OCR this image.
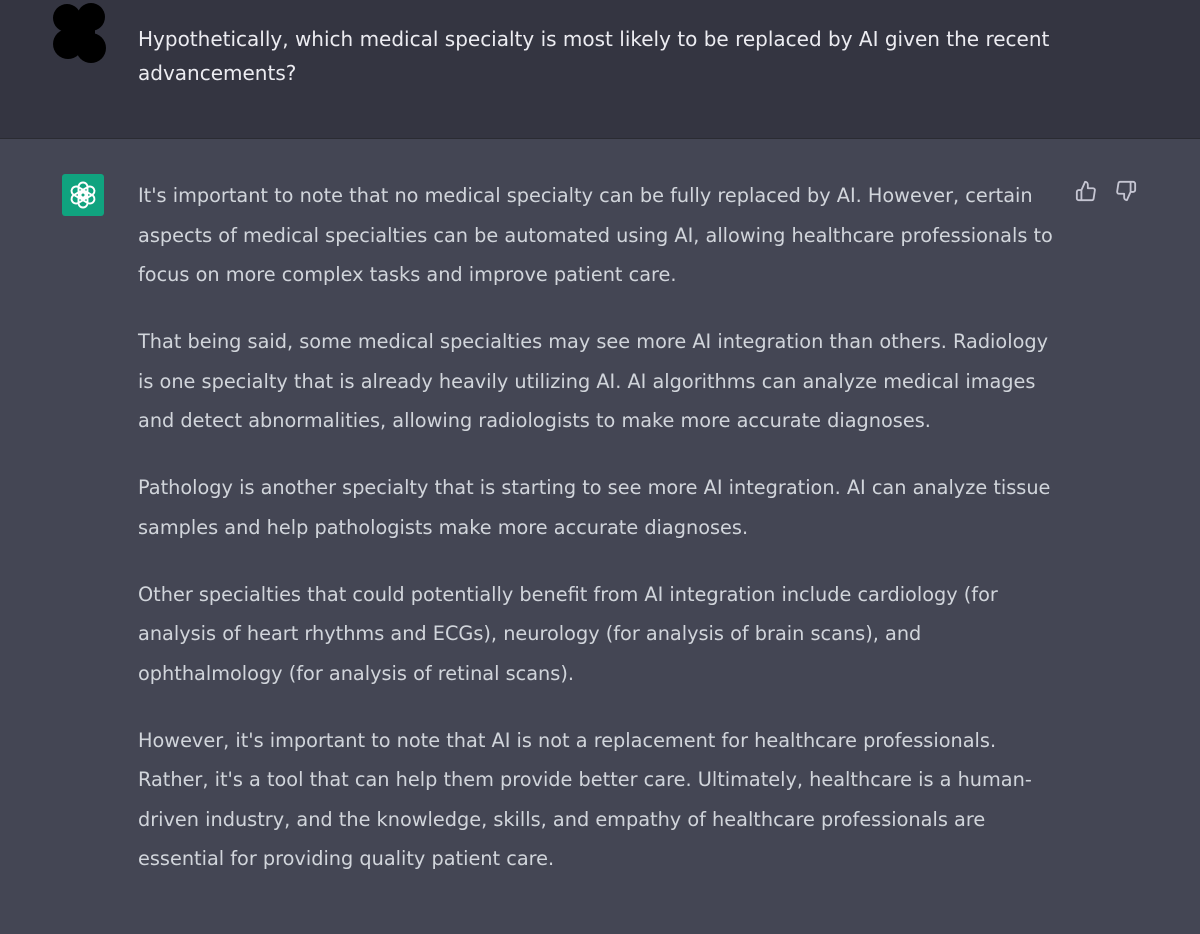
Hypothetically, which medical specialty is most likely to be replaced by AI given the recent advancements?

It's important to note that no medical specialty can be fully replaced by AI. However, certain aspects of medical specialties can be automated using AI, allowing healthcare professionals to focus on more complex tasks and improve patient care.

That being said, some medical specialties may see more AI integration than others. Radiology is one specialty that is already heavily utilizing AI. AI algorithms can analyze medical images and detect abnormalities, allowing radiologists to make more accurate diagnoses.

Pathology is another specialty that is starting to see more AI integration. AI can analyze tissue samples and help pathologists make more accurate diagnoses.

Other specialties that could potentially benefit from AI integration include cardiology (for analysis of heart rhythms and ECGs), neurology (for analysis of brain scans), and ophthalmology (for analysis of retinal scans).

However, it's important to note that AI is not a replacement for healthcare professionals. Rather, it's a tool that can help them provide better care. Ultimately, healthcare is a human-driven industry, and the knowledge, skills, and empathy of healthcare professionals are essential for providing quality patient care.
